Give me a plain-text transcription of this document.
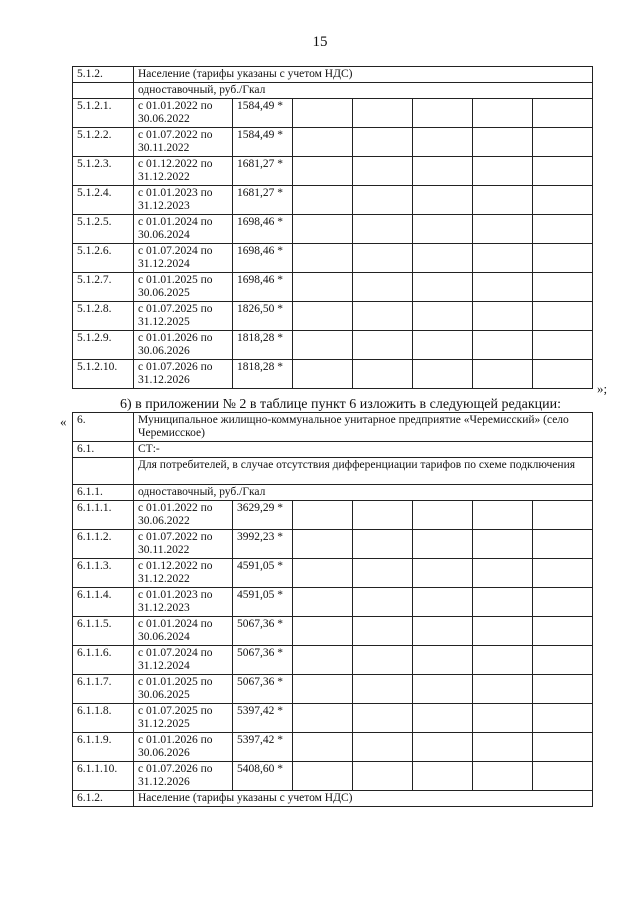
15
5.1.2.	Население (тарифы указаны с учетом НДС)						
	одноставочный, руб./Гкал						
5.1.2.1.	с 01.01.2022 по 30.06.2022	1584,49 *					
5.1.2.2.	с 01.07.2022 по 30.11.2022	1584,49 *					
5.1.2.3.	с 01.12.2022 по 31.12.2022	1681,27 *					
5.1.2.4.	с 01.01.2023 по 31.12.2023	1681,27 *					
5.1.2.5.	с 01.01.2024 по 30.06.2024	1698,46 *					
5.1.2.6.	с 01.07.2024 по 31.12.2024	1698,46 *					
5.1.2.7.	с 01.01.2025 по 30.06.2025	1698,46 *					
5.1.2.8.	с 01.07.2025 по 31.12.2025	1826,50 *					
5.1.2.9.	с 01.01.2026 по 30.06.2026	1818,28 *					
5.1.2.10.	с 01.07.2026 по 31.12.2026	1818,28 *					
»;
6) в приложении № 2 в таблице пункт 6 изложить в следующей редакции:
« 6.	Муниципальное жилищно-коммунальное унитарное предприятие «Черемисский» (село Черемисское)						
6.1.	СТ:-						
	Для потребителей, в случае отсутствия дифференциации тарифов по схеме подключения						
6.1.1.	одноставочный, руб./Гкал						
6.1.1.1.	с 01.01.2022 по 30.06.2022	3629,29 *					
6.1.1.2.	с 01.07.2022 по 30.11.2022	3992,23 *					
6.1.1.3.	с 01.12.2022 по 31.12.2022	4591,05 *					
6.1.1.4.	с 01.01.2023 по 31.12.2023	4591,05 *					
6.1.1.5.	с 01.01.2024 по 30.06.2024	5067,36 *					
6.1.1.6.	с 01.07.2024 по 31.12.2024	5067,36 *					
6.1.1.7.	с 01.01.2025 по 30.06.2025	5067,36 *					
6.1.1.8.	с 01.07.2025 по 31.12.2025	5397,42 *					
6.1.1.9.	с 01.01.2026 по 30.06.2026	5397,42 *					
6.1.1.10.	с 01.07.2026 по 31.12.2026	5408,60 *					
6.1.2.	Население (тарифы указаны с учетом НДС)						
